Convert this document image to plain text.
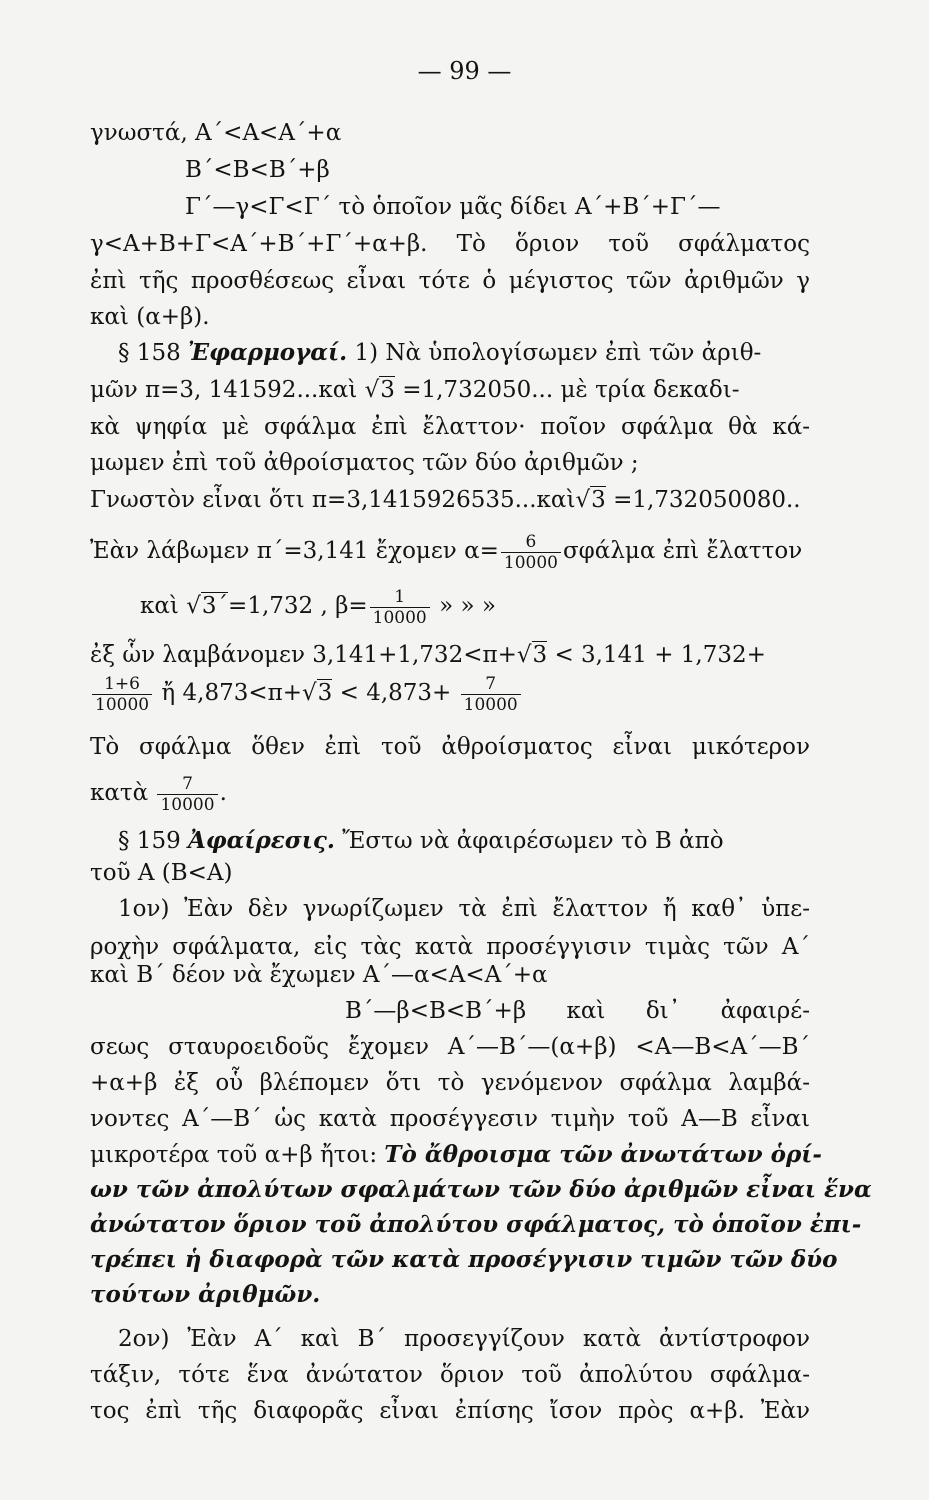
— 99 —
γνωστά, Α΄<Α<Α΄+α
Β΄<Β<Β΄+β
Γ΄—γ<Γ<Γ΄ τὸ ὁποῖον μᾶς δίδει Α΄+Β΄+Γ΄—
γ<Α+Β+Γ<Α΄+Β΄+Γ΄+α+β. Τὸ ὅριον τοῦ σφάλματος
ἐπὶ τῆς προσθέσεως εἶναι τότε ὁ μέγιστος τῶν ἀριθμῶν γ
καὶ (α+β).
§ 158 Ἐφαρμογαί. 1) Νὰ ὑπολογίσωμεν ἐπὶ τῶν ἀριθ-
μῶν π=3, 141592...καὶ √3 =1,732050... μὲ τρία δεκαδι-
κὰ ψηφία μὲ σφάλμα ἐπὶ ἔλαττον· ποῖον σφάλμα θὰ κά-
μωμεν ἐπὶ τοῦ ἀθροίσματος τῶν δύο ἀριθμῶν ;
Γνωστὸν εἶναι ὅτι π=3,1415926535...καὶ√3 =1,732050080..
Ἐὰν λάβωμεν π΄=3,141 ἔχομεν $\alpha= \frac{6}{10000}$ σφάλμα ἐπὶ ἔλαττον
καὶ √3΄=1,732 , $\beta= \frac{1}{10000}$ » » »
ἐξ ὧν λαμβάνομεν 3,141+1,732<π+√3 < 3,141 + 1,732+
$\frac{1+6}{10000}$ ἤ $4,873<\pi+√3 < 4,873+ \frac{7}{10000}$
Τὸ σφάλμα ὅθεν ἐπὶ τοῦ ἀθροίσματος εἶναι μικότερον
κατὰ $\frac{7}{10000}$ .
§ 159 Ἀφαίρεσις. Ἔστω νὰ ἀφαιρέσωμεν τὸ Β ἀπὸ
τοῦ Α (Β<Α)
1ον) Ἐὰν δὲν γνωρίζωμεν τὰ ἐπὶ ἔλαττον ἤ καθ᾽ ὑπε-
ροχὴν σφάλματα, εἰς τὰς κατὰ προσέγγισιν τιμὰς τῶν Α΄
καὶ Β΄ δέον νὰ ἔχωμεν Α΄—α<Α<Α΄+α
Β΄—β<Β<Β΄+β καὶ δι᾽ ἀφαιρέ-
σεως σταυροειδοῦς ἔχομεν Α΄—Β΄—(α+β) <Α—Β<Α΄—Β΄
+α+β ἐξ οὗ βλέπομεν ὅτι τὸ γενόμενον σφάλμα λαμβά-
νοντες Α΄—Β΄ ὡς κατὰ προσέγγεσιν τιμὴν τοῦ Α—Β εἶναι
μικροτέρα τοῦ α+β ἤτοι: Τὸ ἄθροισμα τῶν ἀνωτάτων ὁρί-
ων τῶν ἀπολύτων σφαλμάτων τῶν δύο ἀριθμῶν εἶναι ἕνα
ἀνώτατον ὅριον τοῦ ἀπολύτου σφάλματος, τὸ ὁποῖον ἐπι-
τρέπει ἡ διαφορὰ τῶν κατὰ προσέγγισιν τιμῶν τῶν δύο
τούτων ἀριθμῶν.
2ον) Ἐὰν Α΄ καὶ Β΄ προσεγγίζουν κατὰ ἀντίστροφον
τάξιν, τότε ἕνα ἀνώτατον ὅριον τοῦ ἀπολύτου σφάλμα-
τος ἐπὶ τῆς διαφορᾶς εἶναι ἐπίσης ἴσον πρὸς α+β. Ἐὰν
